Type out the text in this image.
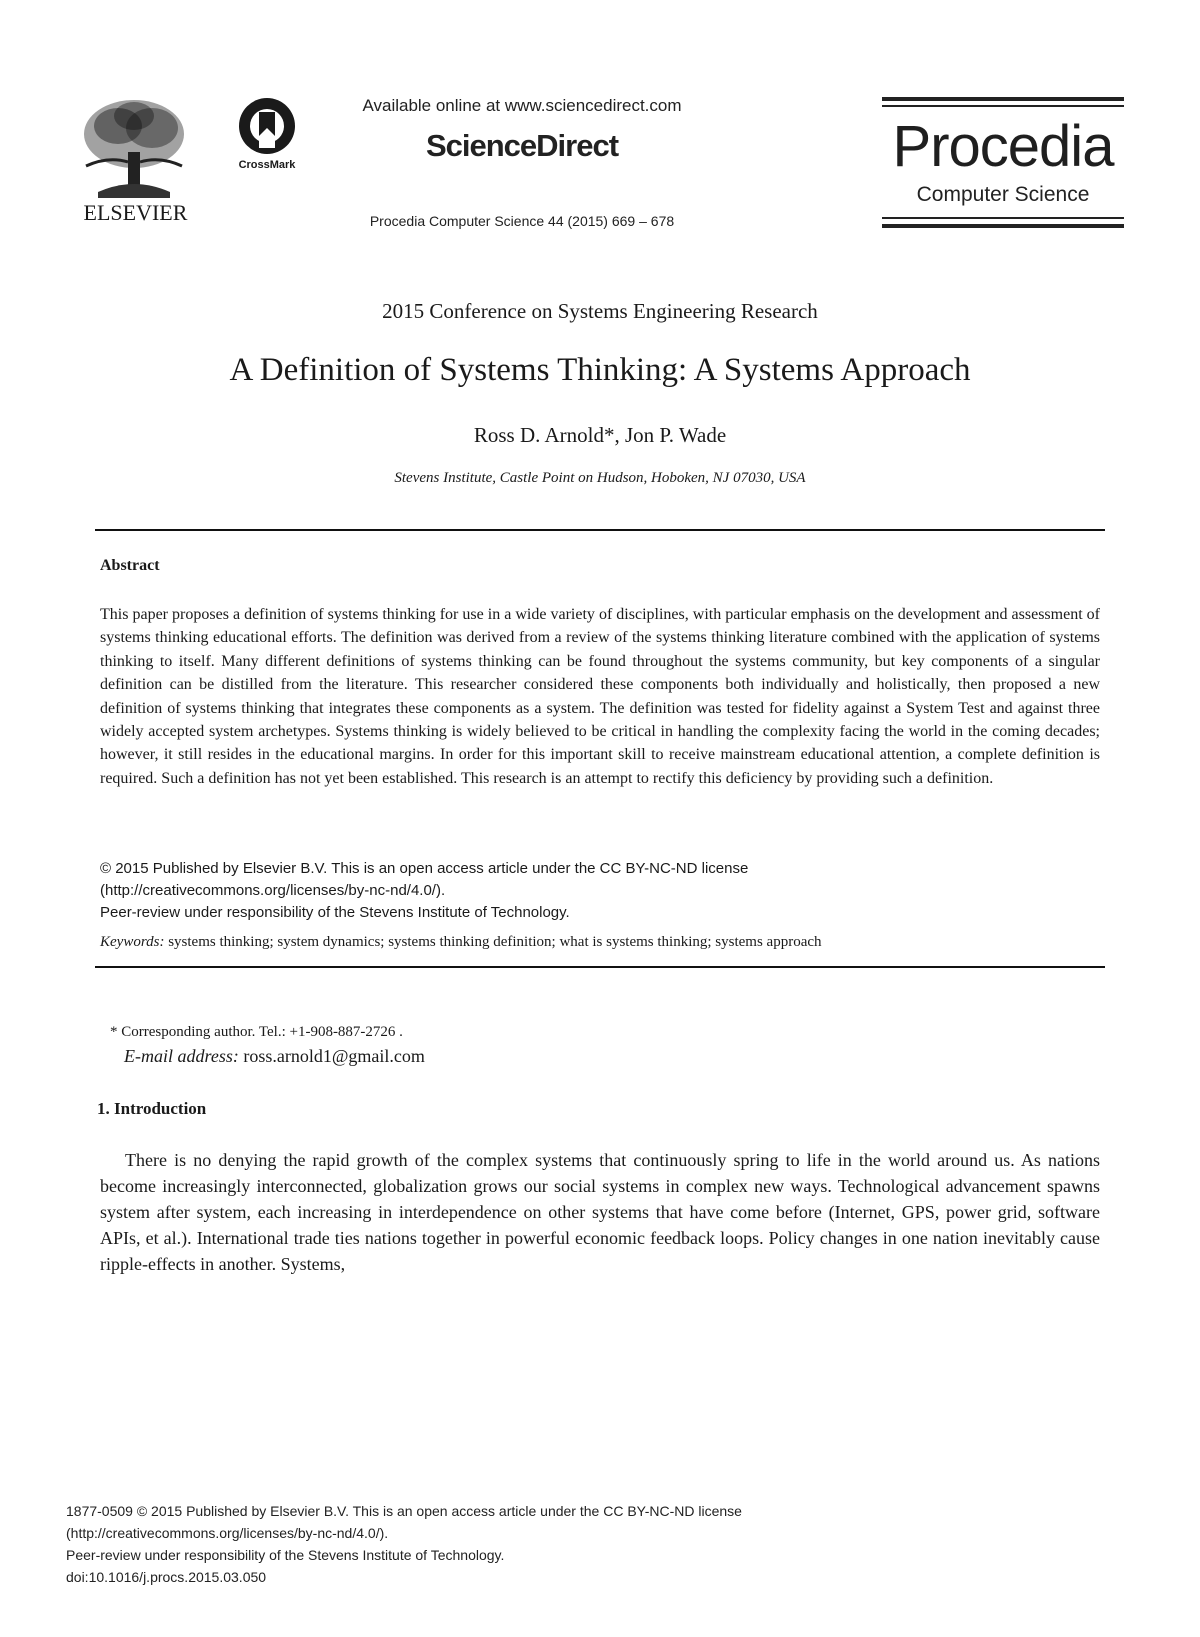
ELSEVIER
CrossMark
Available online at www.sciencedirect.com
ScienceDirect
Procedia Computer Science 44 (2015) 669 – 678
Procedia
Computer Science
2015 Conference on Systems Engineering Research
A Definition of Systems Thinking: A Systems Approach
Ross D. Arnold*, Jon P. Wade
Stevens Institute, Castle Point on Hudson, Hoboken, NJ 07030, USA
Abstract

This paper proposes a definition of systems thinking for use in a wide variety of disciplines, with particular emphasis on the development and assessment of systems thinking educational efforts. The definition was derived from a review of the systems thinking literature combined with the application of systems thinking to itself. Many different definitions of systems thinking can be found throughout the systems community, but key components of a singular definition can be distilled from the literature. This researcher considered these components both individually and holistically, then proposed a new definition of systems thinking that integrates these components as a system. The definition was tested for fidelity against a System Test and against three widely accepted system archetypes. Systems thinking is widely believed to be critical in handling the complexity facing the world in the coming decades; however, it still resides in the educational margins. In order for this important skill to receive mainstream educational attention, a complete definition is required. Such a definition has not yet been established. This research is an attempt to rectify this deficiency by providing such a definition.

© 2015 Published by Elsevier B.V. This is an open access article under the CC BY-NC-ND license
(http://creativecommons.org/licenses/by-nc-nd/4.0/).
Peer-review under responsibility of the Stevens Institute of Technology.
Keywords: systems thinking; system dynamics; systems thinking definition; what is systems thinking; systems approach
* Corresponding author. Tel.: +1-908-887-2726 .
E-mail address: ross.arnold1@gmail.com
1. Introduction

There is no denying the rapid growth of the complex systems that continuously spring to life in the world around us. As nations become increasingly interconnected, globalization grows our social systems in complex new ways. Technological advancement spawns system after system, each increasing in interdependence on other systems that have come before (Internet, GPS, power grid, software APIs, et al.). International trade ties nations together in powerful economic feedback loops. Policy changes in one nation inevitably cause ripple-effects in another. Systems,

1877-0509 © 2015 Published by Elsevier B.V. This is an open access article under the CC BY-NC-ND license
(http://creativecommons.org/licenses/by-nc-nd/4.0/).
Peer-review under responsibility of the Stevens Institute of Technology.
doi:10.1016/j.procs.2015.03.050
